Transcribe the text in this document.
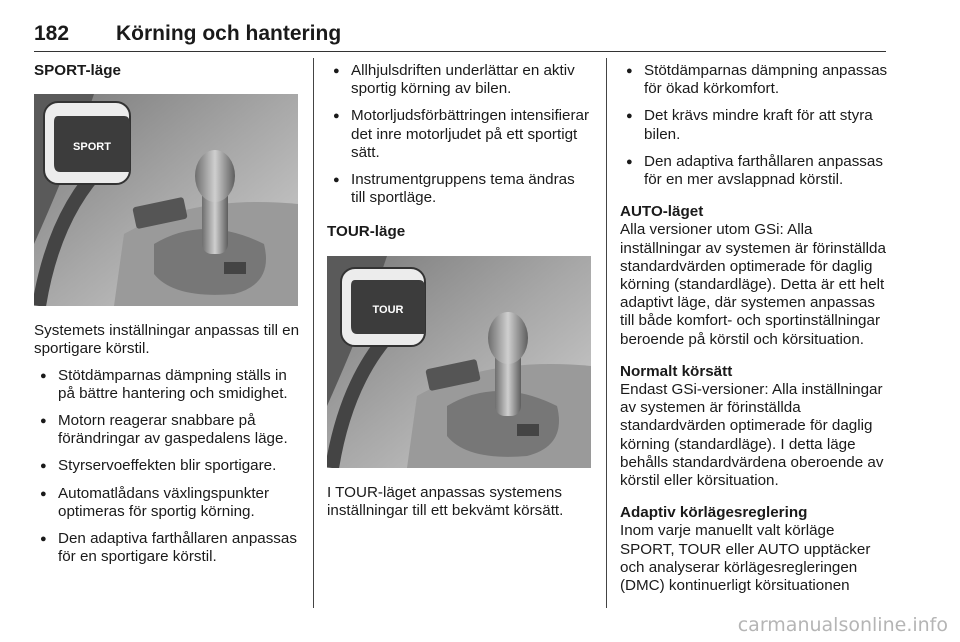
182 Körning och hantering

SPORT-läge

SPORT

Systemets inställningar anpassas till en sportigare körstil.

● Stötdämparnas dämpning ställs in på bättre hantering och smidighet.
● Motorn reagerar snabbare på förändringar av gaspedalens läge.
● Styrservoeffekten blir sportigare.
● Automatlådans växlingspunkter optimeras för sportig körning.
● Den adaptiva farthållaren anpassas för en sportigare körstil.
● Allhjulsdriften underlättar en aktiv sportig körning av bilen.
● Motorljudsförbättringen intensifierar det inre motorljudet på ett sportigt sätt.
● Instrumentgruppens tema ändras till sportläge.

TOUR-läge

TOUR

I TOUR-läget anpassas systemens inställningar till ett bekvämt körsätt.

● Stötdämparnas dämpning anpassas för ökad körkomfort.
● Det krävs mindre kraft för att styra bilen.
● Den adaptiva farthållaren anpassas för en mer avslappnad körstil.

AUTO-läget

Alla versioner utom GSi: Alla inställningar av systemen är förinställda standardvärden optimerade för daglig körning (standardläge). Detta är ett helt adaptivt läge, där systemen anpassas till både komfort- och sportinställningar beroende på körstil och körsituation.

Normalt körsätt

Endast GSi-versioner: Alla inställningar av systemen är förinställda standardvärden optimerade för daglig körning (standardläge). I detta läge behålls standardvärdena oberoende av körstil eller körsituation.

Adaptiv körlägesreglering

Inom varje manuellt valt körläge SPORT, TOUR eller AUTO upptäcker och analyserar körlägesregleringen (DMC) kontinuerligt körsituationen

carmanualsonline.info
